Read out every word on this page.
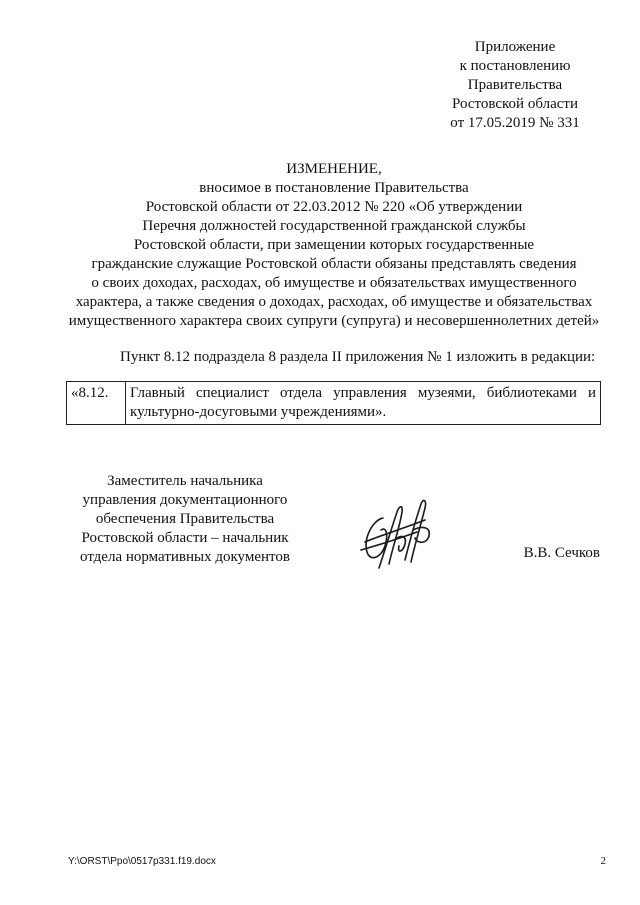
Приложение
к постановлению
Правительства
Ростовской области
от 17.05.2019 № 331
ИЗМЕНЕНИЕ,
вносимое в постановление Правительства
Ростовской области от 22.03.2012 № 220 «Об утверждении
Перечня должностей государственной гражданской службы
Ростовской области, при замещении которых государственные
гражданские служащие Ростовской области обязаны представлять сведения
о своих доходах, расходах, об имуществе и обязательствах имущественного
характера, а также сведения о доходах, расходах, об имуществе и обязательствах
имущественного характера своих супруги (супруга) и несовершеннолетних детей»
Пункт 8.12 подраздела 8 раздела II приложения № 1 изложить в редакции:
«8.12.	Главный специалист отдела управления музеями, библиотеками и культурно-досуговыми учреждениями».
Заместитель начальника
управления документационного
обеспечения Правительства
Ростовской области – начальник
отдела нормативных документов	В.В. Сечков
Y:\ORST\Ppo\0517p331.f19.docx	2
